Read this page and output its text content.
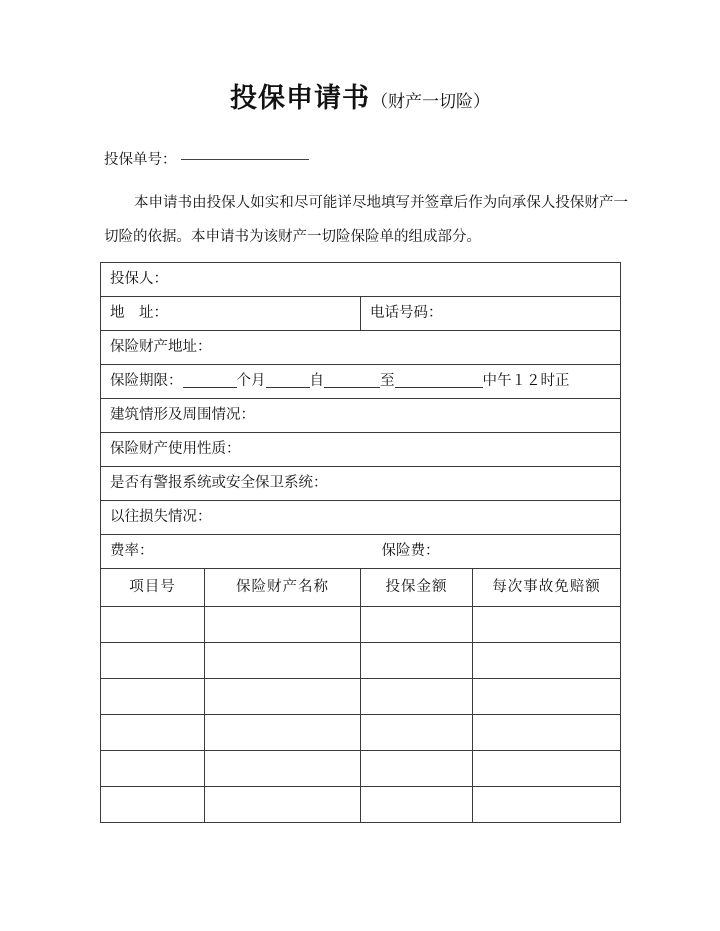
投保申请书（财产一切险）
投保单号：
本申请书由投保人如实和尽可能详尽地填写并签章后作为向承保人投保财产一切险的依据。本申请书为该财产一切险保险单的组成部分。
投保人：			
地　址：		电话号码：	
保险财产地址：			
保险期限： 个月 自 至 中午１２时正			
建筑情形及周围情况：			
保险财产使用性质：			
是否有警报系统或安全保卫系统：			
以往损失情况：			
费率： 保险费：			
项目号	保险财产名称	投保金额	每次事故免赔额
